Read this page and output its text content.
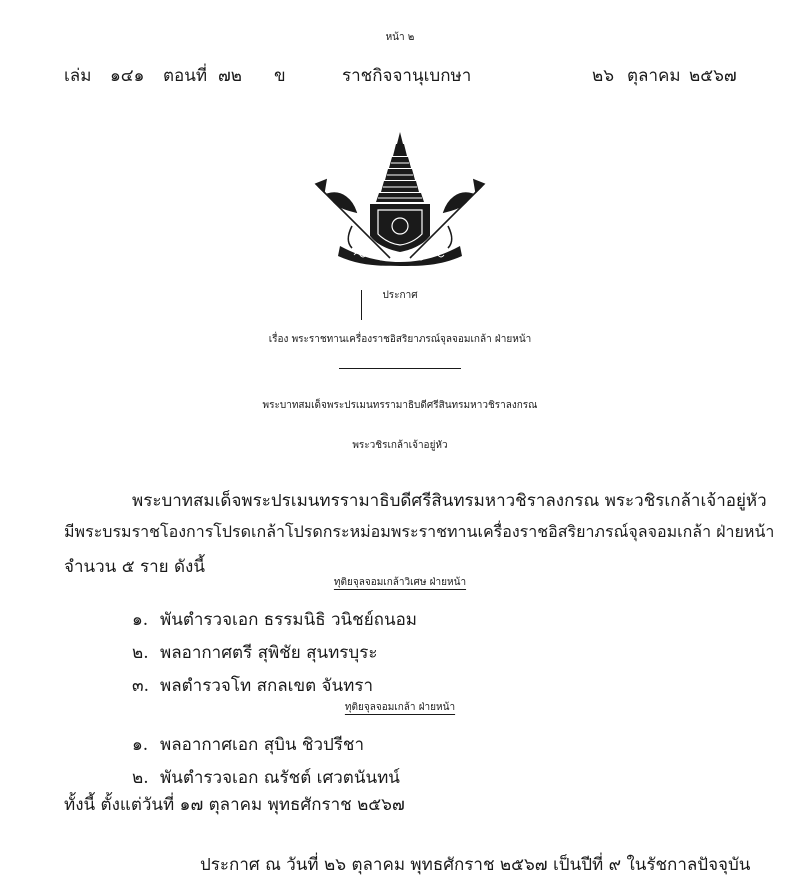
หน้า ๒
เล่ม ๑๔๑ ตอนที่ ๗๒ ข	ราชกิจจานุเบกษา	๒๖ ตุลาคม ๒๕๖๗
ประกาศ
เรื่อง พระราชทานเครื่องราชอิสริยาภรณ์จุลจอมเกล้า ฝ่ายหน้า
พระบาทสมเด็จพระปรเมนทรรามาธิบดีศรีสินทรมหาวชิราลงกรณ
พระวชิรเกล้าเจ้าอยู่หัว
พระบาทสมเด็จพระปรเมนทรรามาธิบดีศรีสินทรมหาวชิราลงกรณ พระวชิรเกล้าเจ้าอยู่หัว
มีพระบรมราชโองการโปรดเกล้าโปรดกระหม่อมพระราชทานเครื่องราชอิสริยาภรณ์จุลจอมเกล้า ฝ่ายหน้า
จำนวน ๕ ราย ดังนี้
ทุติยจุลจอมเกล้าวิเศษ ฝ่ายหน้า
๑. พันตำรวจเอก ธรรมนิธิ วนิชย์ถนอม
๒. พลอากาศตรี สุพิชัย สุนทรบุระ
๓. พลตำรวจโท สกลเขต จันทรา
ทุติยจุลจอมเกล้า ฝ่ายหน้า
๑. พลอากาศเอก สุบิน ชิวปรีชา
๒. พันตำรวจเอก ณรัชต์ เศวตนันทน์
ทั้งนี้ ตั้งแต่วันที่ ๑๗ ตุลาคม พุทธศักราช ๒๕๖๗
ประกาศ ณ วันที่ ๒๖ ตุลาคม พุทธศักราช ๒๕๖๗ เป็นปีที่ ๙ ในรัชกาลปัจจุบัน
